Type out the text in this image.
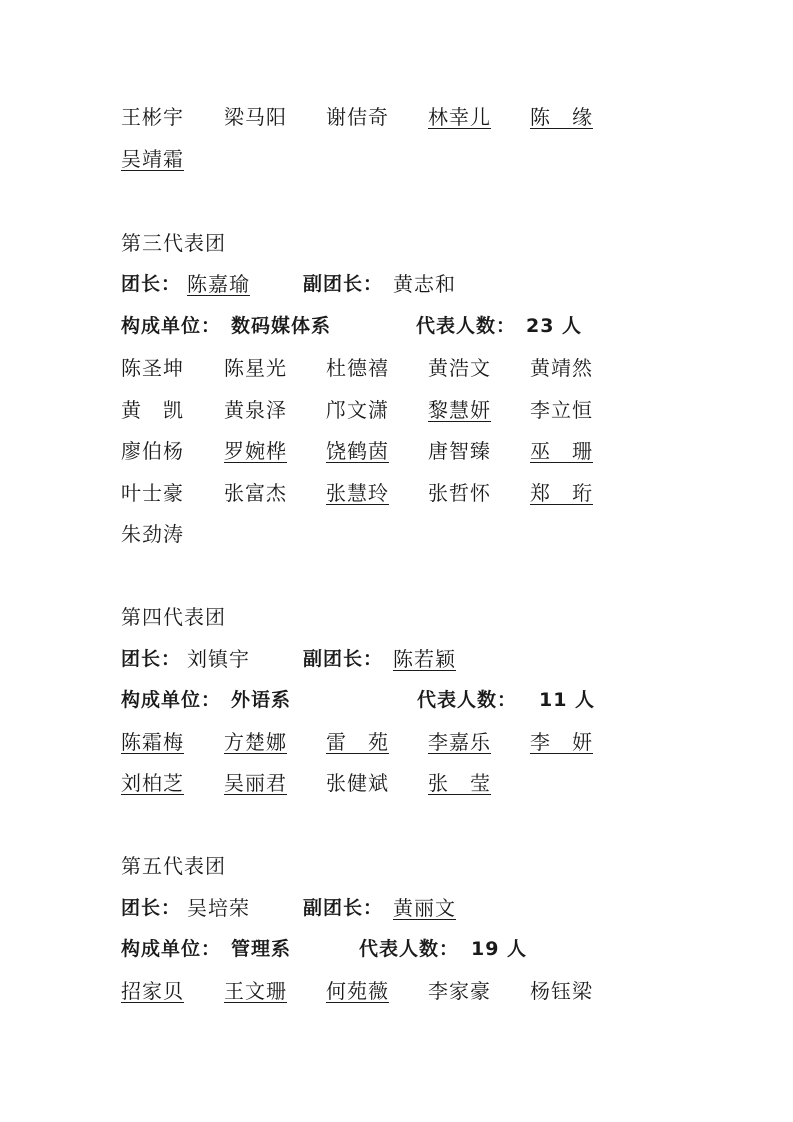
王彬宇 梁马阳 谢佶奇 林幸儿 陈　缘
吴靖霜
第三代表团
团长： 陈嘉瑜	副团长： 黄志和
构成单位： 数码媒体系	代表人数： 23 人
陈圣坤 陈星光 杜德禧 黄浩文 黄靖然
黄　凯 黄泉泽 邝文潇 黎慧妍 李立恒
廖伯杨 罗婉桦 饶鹤茵 唐智臻 巫　珊
叶士豪 张富杰 张慧玲 张哲怀 郑　珩
朱劲涛
第四代表团
团长： 刘镇宇	副团长： 陈若颖
构成单位： 外语系	代表人数： 11 人
陈霜梅 方楚娜 雷　苑 李嘉乐 李　妍
刘柏芝 吴丽君 张健斌 张　莹
第五代表团
团长： 吴培荣	副团长： 黄丽文
构成单位： 管理系	代表人数： 19 人
招家贝 王文珊 何苑薇 李家豪 杨钰梁
